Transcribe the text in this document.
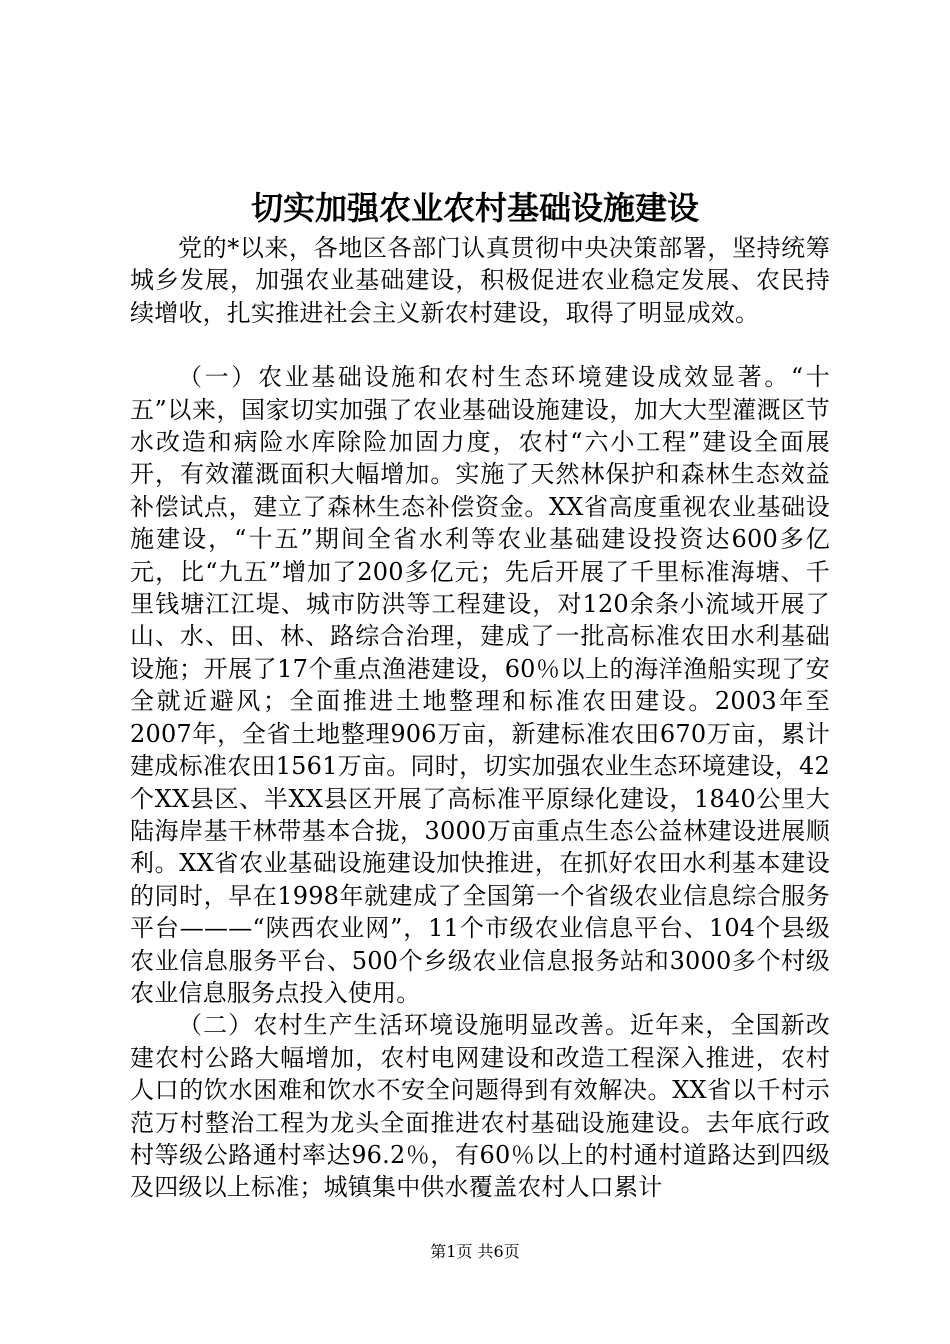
切实加强农业农村基础设施建设

党的*以来，各地区各部门认真贯彻中央决策部署，坚持统筹城乡发展，加强农业基础建设，积极促进农业稳定发展、农民持续增收，扎实推进社会主义新农村建设，取得了明显成效。

（一）农业基础设施和农村生态环境建设成效显著。“十五”以来，国家切实加强了农业基础设施建设，加大大型灌溉区节水改造和病险水库除险加固力度，农村“六小工程”建设全面展开，有效灌溉面积大幅增加。实施了天然林保护和森林生态效益补偿试点，建立了森林生态补偿资金。XX省高度重视农业基础设施建设，“十五”期间全省水利等农业基础建设投资达600多亿元，比“九五”增加了200多亿元；先后开展了千里标准海塘、千里钱塘江江堤、城市防洪等工程建设，对120余条小流域开展了山、水、田、林、路综合治理，建成了一批高标准农田水利基础设施；开展了17个重点渔港建设，60％以上的海洋渔船实现了安全就近避风；全面推进土地整理和标准农田建设。2003年至2007年，全省土地整理906万亩，新建标准农田670万亩，累计建成标准农田1561万亩。同时，切实加强农业生态环境建设，42个XX县区、半XX县区开展了高标准平原绿化建设，1840公里大陆海岸基干林带基本合拢，3000万亩重点生态公益林建设进展顺利。XX省农业基础设施建设加快推进，在抓好农田水利基本建设的同时，早在1998年就建成了全国第一个省级农业信息综合服务平台———“陕西农业网”，11个市级农业信息平台、104个县级农业信息服务平台、500个乡级农业信息报务站和3000多个村级农业信息服务点投入使用。

（二）农村生产生活环境设施明显改善。近年来，全国新改建农村公路大幅增加，农村电网建设和改造工程深入推进，农村人口的饮水困难和饮水不安全问题得到有效解决。XX省以千村示范万村整治工程为龙头全面推进农村基础设施建设。去年底行政村等级公路通村率达96.2％，有60％以上的村通村道路达到四级及四级以上标准；城镇集中供水覆盖农村人口累计

第1页 共6页
